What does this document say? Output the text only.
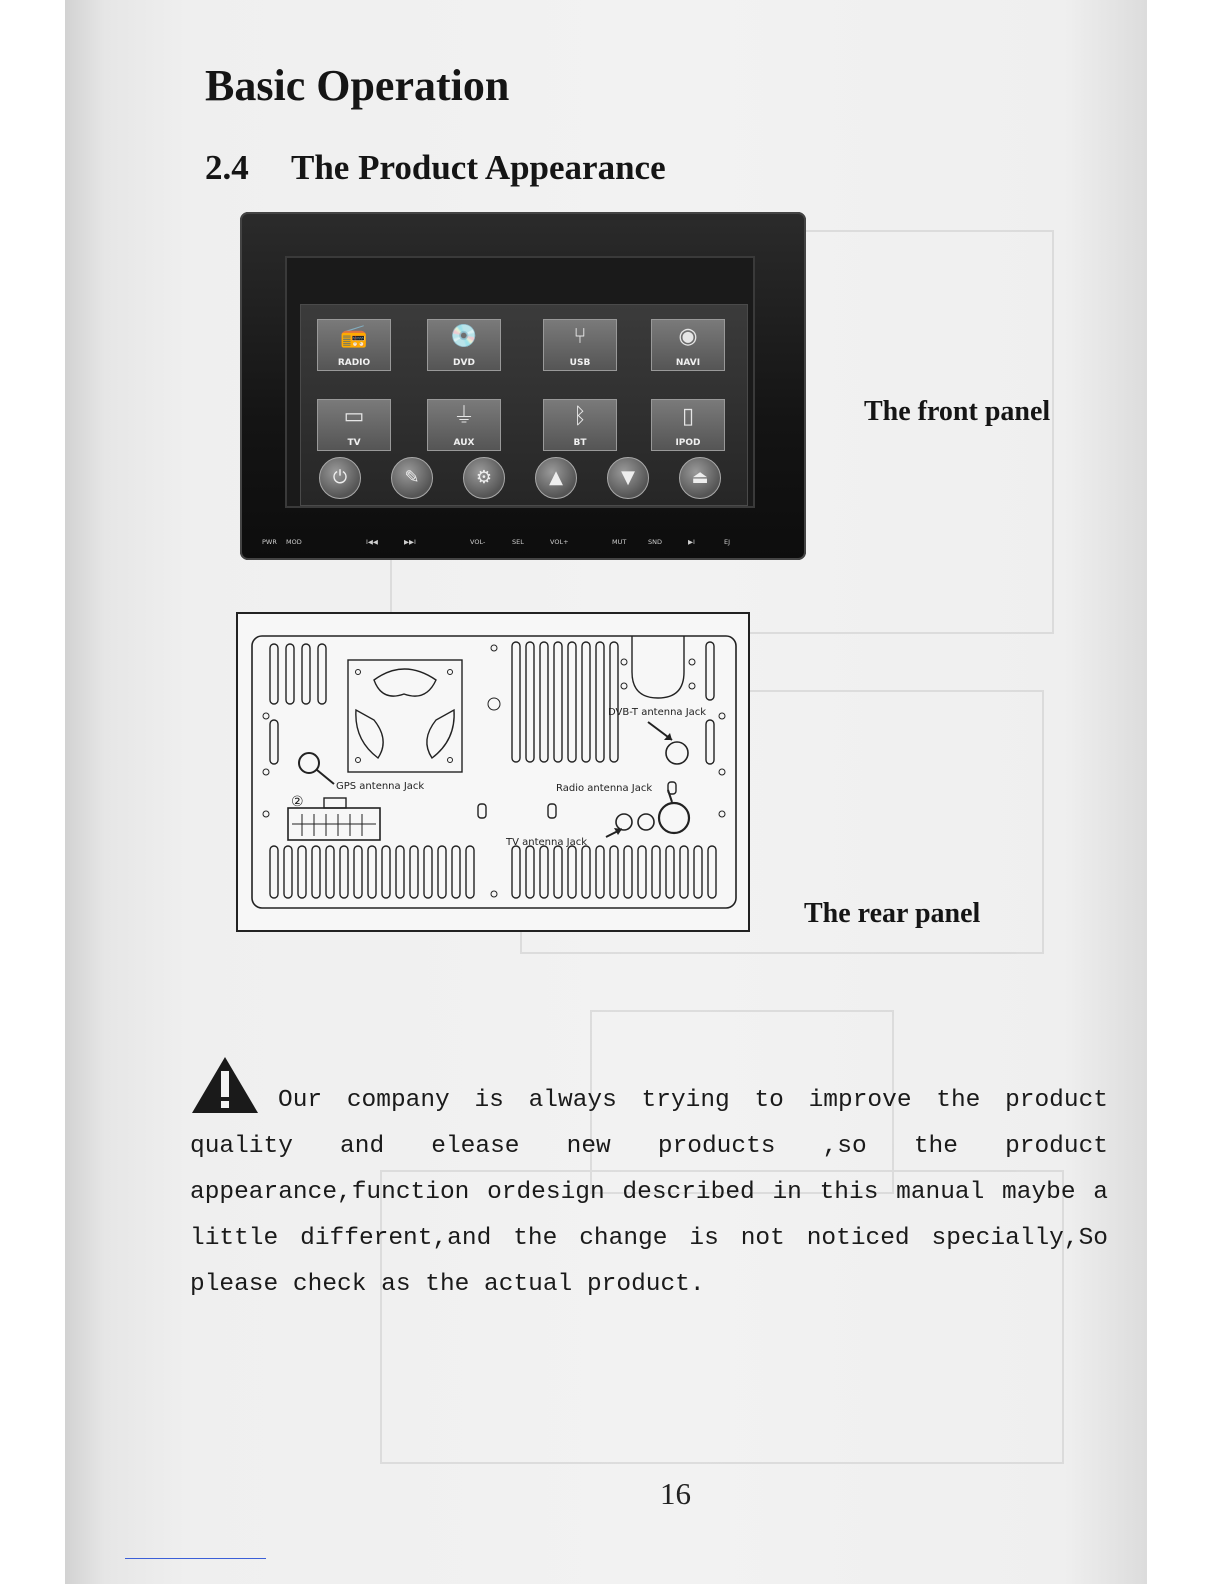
Basic Operation
2.4 The Product Appearance
📻
RADIO
💿
DVD
⑂
USB
◉
NAVI
▭
TV
⏚
AUX
ᛒ
BT
▯
IPOD
⏻	✎	⚙	▲	▼	⏏
PWR MOD	I◀◀	▶▶I	VOL-	SEL	VOL+	MUT	SND	▶I	EJ

The front panel

②
GPS antenna Jack
DVB-T antenna Jack
Radio antenna Jack
TV antenna Jack

The rear panel

Our company is always trying to improve the product quality and elease new products ,so the product appearance,function ordesign described in this manual maybe a little different,and the change is not noticed specially,So please check as the actual product.

16
